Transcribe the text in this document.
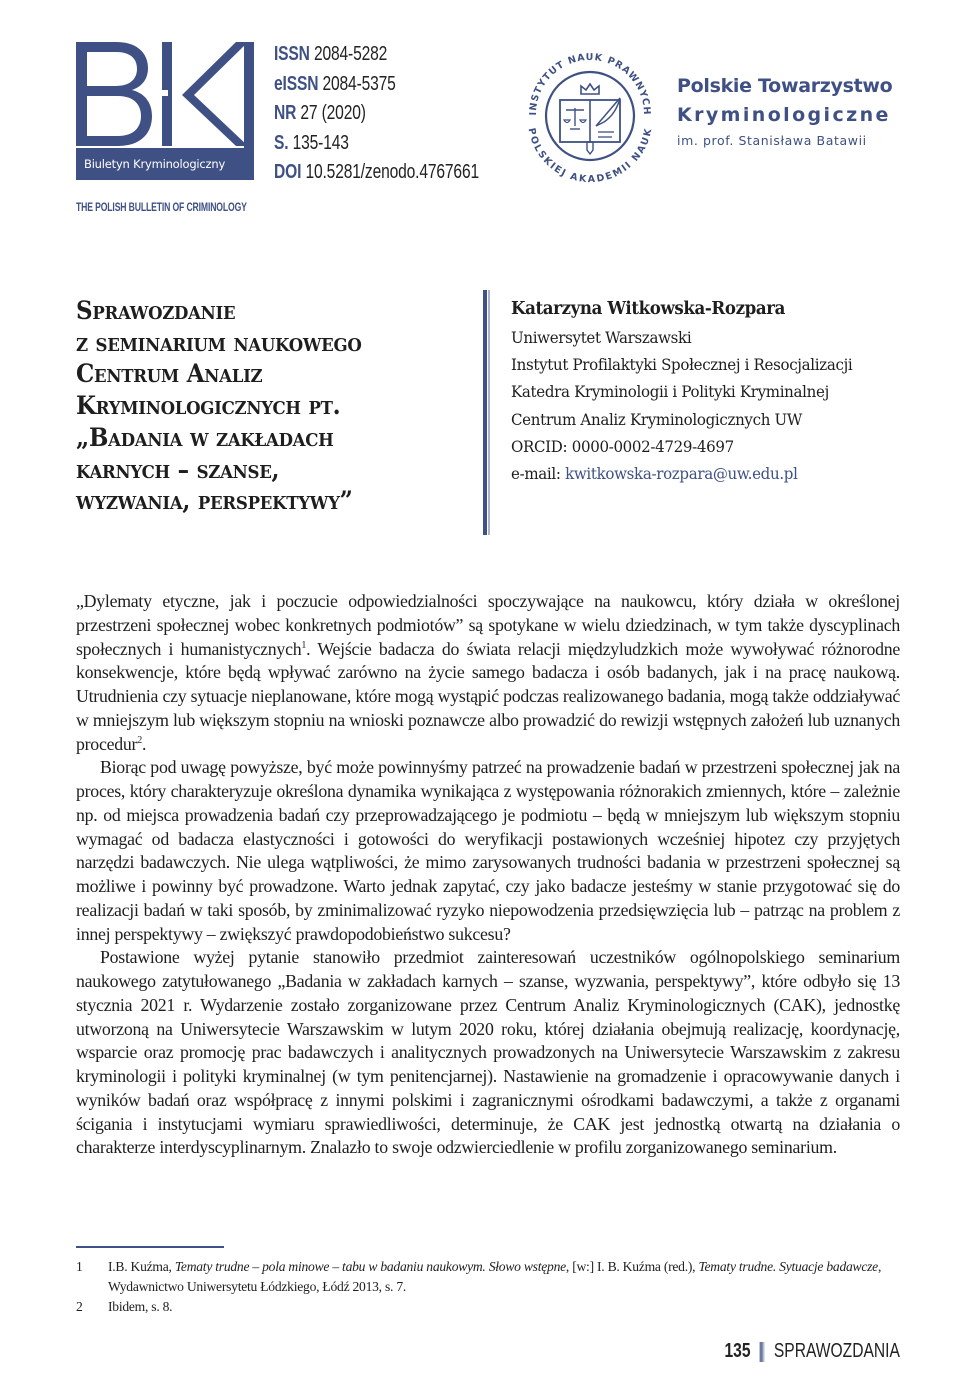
Biuletyn Kryminologiczny
ISSN 2084-5282
eISSN 2084-5375
NR 27 (2020)
S. 135-143
DOI 10.5281/zenodo.4767661
THE POLISH BULLETIN OF CRIMINOLOGY
INSTYTUT NAUK PRAWNYCH
POLSKIEJ AKADEMII NAUK
Polskie Towarzystwo
Kryminologiczne
im. prof. Stanisława Batawii
Sprawozdanie
z seminarium naukowego
Centrum Analiz
Kryminologicznych pt.
„Badania w zakładach
karnych – szanse,
wyzwania, perspektywy”
Katarzyna Witkowska-Rozpara
Uniwersytet Warszawski
Instytut Profilaktyki Społecznej i Resocjalizacji
Katedra Kryminologii i Polityki Kryminalnej
Centrum Analiz Kryminologicznych UW
ORCID: 0000-0002-4729-4697
e-mail: kwitkowska-rozpara@uw.edu.pl

„Dylematy etyczne, jak i poczucie odpowiedzialności spoczywające na naukowcu, który działa w określonej przestrzeni społecznej wobec konkretnych podmiotów” są spotykane w wielu dziedzinach, w tym także dyscyplinach społecznych i humanistycznych$^1$. Wejście badacza do świata relacji międzyludzkich może wywoływać różnorodne konsekwencje, które będą wpływać zarówno na życie samego badacza i osób badanych, jak i na pracę naukową. Utrudnienia czy sytuacje nieplanowane, które mogą wystąpić podczas realizowanego badania, mogą także oddziaływać w mniejszym lub większym stopniu na wnioski poznawcze albo prowadzić do rewizji wstępnych założeń lub uznanych procedur$^2$.

Biorąc pod uwagę powyższe, być może powinnyśmy patrzeć na prowadzenie badań w przestrzeni społecznej jak na proces, który charakteryzuje określona dynamika wynikająca z występowania różnorakich zmiennych, które – zależnie np. od miejsca prowadzenia badań czy przeprowadzającego je podmiotu – będą w mniejszym lub większym stopniu wymagać od badacza elastyczności i gotowości do weryfikacji postawionych wcześniej hipotez czy przyjętych narzędzi badawczych. Nie ulega wątpliwości, że mimo zarysowanych trudności badania w przestrzeni społecznej są możliwe i powinny być prowadzone. Warto jednak zapytać, czy jako badacze jesteśmy w stanie przygotować się do realizacji badań w taki sposób, by zminimalizować ryzyko niepowodzenia przedsięwzięcia lub – patrząc na problem z innej perspektywy – zwiększyć prawdopodobieństwo sukcesu?

Postawione wyżej pytanie stanowiło przedmiot zainteresowań uczestników ogólnopolskiego seminarium naukowego zatytułowanego „Badania w zakładach karnych – szanse, wyzwania, perspektywy”, które odbyło się 13 stycznia 2021 r. Wydarzenie zostało zorganizowane przez Centrum Analiz Kryminologicznych (CAK), jednostkę utworzoną na Uniwersytecie Warszawskim w lutym 2020 roku, której działania obejmują realizację, koordynację, wsparcie oraz promocję prac badawczych i analitycznych prowadzonych na Uniwersytecie Warszawskim z zakresu kryminologii i polityki kryminalnej (w tym penitencjarnej). Nastawienie na gromadzenie i opracowywanie danych i wyników badań oraz współpracę z innymi polskimi i zagranicznymi ośrodkami badawczymi, a także z organami ścigania i instytucjami wymiaru sprawiedliwości, determinuje, że CAK jest jednostką otwartą na działania o charakterze interdyscyplinarnym. Znalazło to swoje odzwierciedlenie w profilu zorganizowanego seminarium.

1	I.B. Kuźma, Tematy trudne – pola minowe – tabu w badaniu naukowym. Słowo wstępne, [w:] I. B. Kuźma (red.), Tematy trudne. Sytuacje badawcze, Wydawnictwo Uniwersytetu Łódzkiego, Łódź 2013, s. 7.
2	Ibidem, s. 8.
135 SPRAWOZDANIA
